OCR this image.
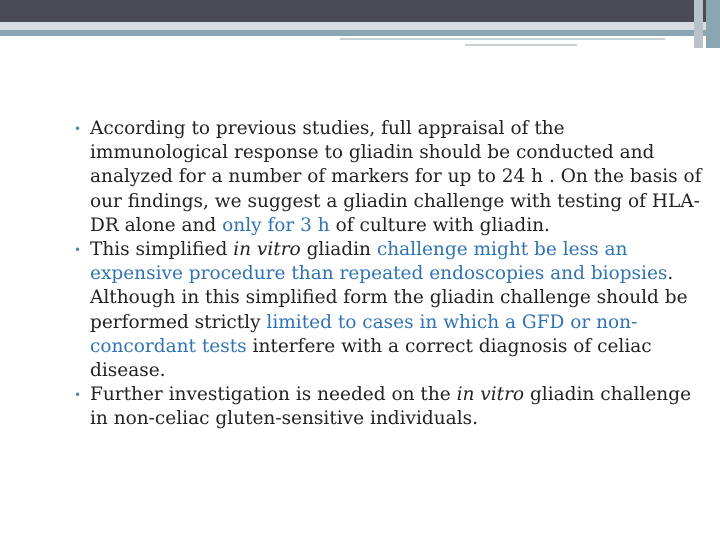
• According to previous studies, full appraisal of the immunological response to gliadin should be conducted and analyzed for a number of markers for up to 24 h . On the basis of our findings, we suggest a gliadin challenge with testing of HLA-DR alone and only for 3 h of culture with gliadin.

• This simplified in vitro gliadin challenge might be less an expensive procedure than repeated endoscopies and biopsies. Although in this simplified form the gliadin challenge should be performed strictly limited to cases in which a GFD or non-concordant tests interfere with a correct diagnosis of celiac disease.

• Further investigation is needed on the in vitro gliadin challenge in non-celiac gluten-sensitive individuals.
